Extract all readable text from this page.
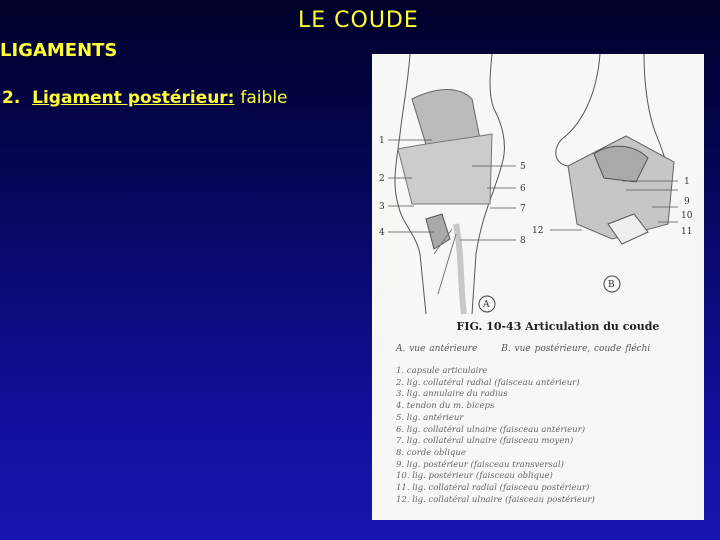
LE COUDE
LIGAMENTS
2. Ligament postérieur: faible
1
2
3
4
5
6
7
8
A
1
9
10
11
12
B
FIG. 10-43 Articulation du coude
A. vue antérieure	B. vue postérieure, coude fléchi
1. capsule articulaire
2. lig. collatéral radial (faisceau antérieur)
3. lig. annulaire du radius
4. tendon du m. biceps
5. lig. antérieur
6. lig. collatéral ulnaire (faisceau antérieur)
7. lig. collatéral ulnaire (faisceau moyen)
8. corde oblique
9. lig. postérieur (faisceau transversal)
10. lig. postérieur (faisceau oblique)
11. lig. collatéral radial (faisceau postérieur)
12. lig. collatéral ulnaire (faisceau postérieur)
